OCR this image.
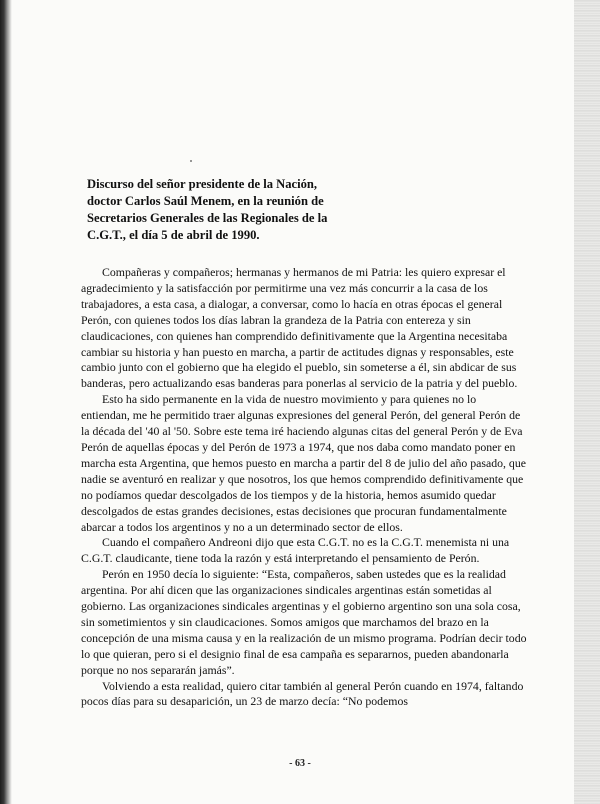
Discurso del señor presidente de la Nación, doctor Carlos Saúl Menem, en la reunión de Secretarios Generales de las Regionales de la C.G.T., el día 5 de abril de 1990.

Compañeras y compañeros; hermanas y hermanos de mi Patria: les quiero expresar el agradecimiento y la satisfacción por permitirme una vez más concurrir a la casa de los trabajadores, a esta casa, a dialogar, a conversar, como lo hacía en otras épocas el general Perón, con quienes todos los días labran la grandeza de la Patria con entereza y sin claudicaciones, con quienes han comprendido definitivamente que la Argentina necesitaba cambiar su historia y han puesto en marcha, a partir de actitudes dignas y responsables, este cambio junto con el gobierno que ha elegido el pueblo, sin someterse a él, sin abdicar de sus banderas, pero actualizando esas banderas para ponerlas al servicio de la patria y del pueblo.

Esto ha sido permanente en la vida de nuestro movimiento y para quienes no lo entiendan, me he permitido traer algunas expresiones del general Perón, del general Perón de la década del '40 al '50. Sobre este tema iré haciendo algunas citas del general Perón y de Eva Perón de aquellas épocas y del Perón de 1973 a 1974, que nos daba como mandato poner en marcha esta Argentina, que hemos puesto en marcha a partir del 8 de julio del año pasado, que nadie se aventuró en realizar y que nosotros, los que hemos comprendido definitivamente que no podíamos quedar descolgados de los tiempos y de la historia, hemos asumido quedar descolgados de estas grandes decisiones, estas decisiones que procuran fundamentalmente abarcar a todos los argentinos y no a un determinado sector de ellos.

Cuando el compañero Andreoni dijo que esta C.G.T. no es la C.G.T. menemista ni una C.G.T. claudicante, tiene toda la razón y está interpretando el pensamiento de Perón.

Perón en 1950 decía lo siguiente: “Esta, compañeros, saben ustedes que es la realidad argentina. Por ahí dicen que las organizaciones sindicales argentinas están sometidas al gobierno. Las organizaciones sindicales argentinas y el gobierno argentino son una sola cosa, sin sometimientos y sin claudicaciones. Somos amigos que marchamos del brazo en la concepción de una misma causa y en la realización de un mismo programa. Podrían decir todo lo que quieran, pero si el designio final de esa campaña es separarnos, pueden abandonarla porque no nos separarán jamás”.

Volviendo a esta realidad, quiero citar también al general Perón cuando en 1974, faltando pocos días para su desaparición, un 23 de marzo decía: “No podemos

- 63 -
